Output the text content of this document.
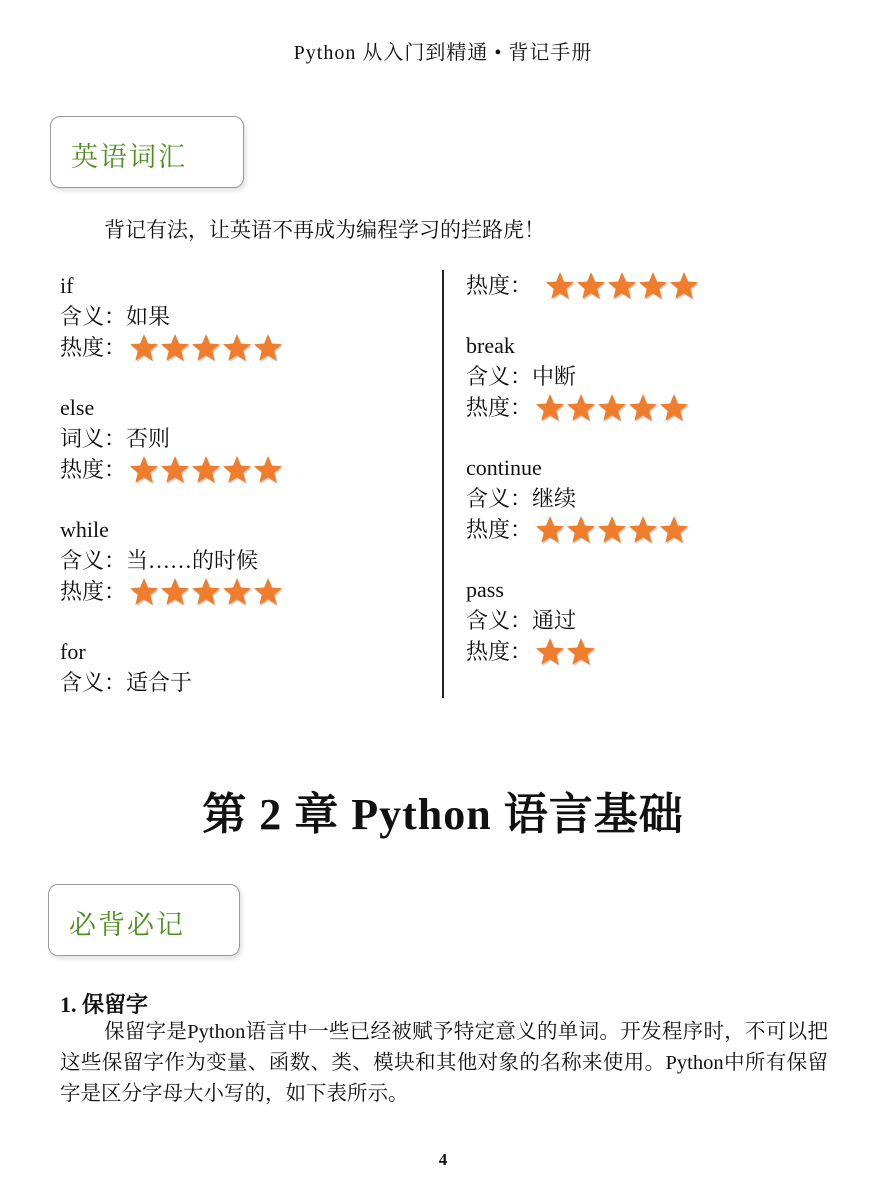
Python 从入门到精通 • 背记手册
英语词汇
背记有法，让英语不再成为编程学习的拦路虎！
if
含义： 如果
热度：
else
词义： 否则
热度：
while
含义： 当……的时候
热度：
for
含义： 适合于
热度：
break
含义： 中断
热度：
continue
含义： 继续
热度：
pass
含义： 通过
热度：
第 2 章 Python 语言基础
必背必记
1. 保留字

保留字是Python语言中一些已经被赋予特定意义的单词。开发程序时，不可以把这些保留字作为变量、函数、类、模块和其他对象的名称来使用。Python中所有保留字是区分字母大小写的，如下表所示。

4
